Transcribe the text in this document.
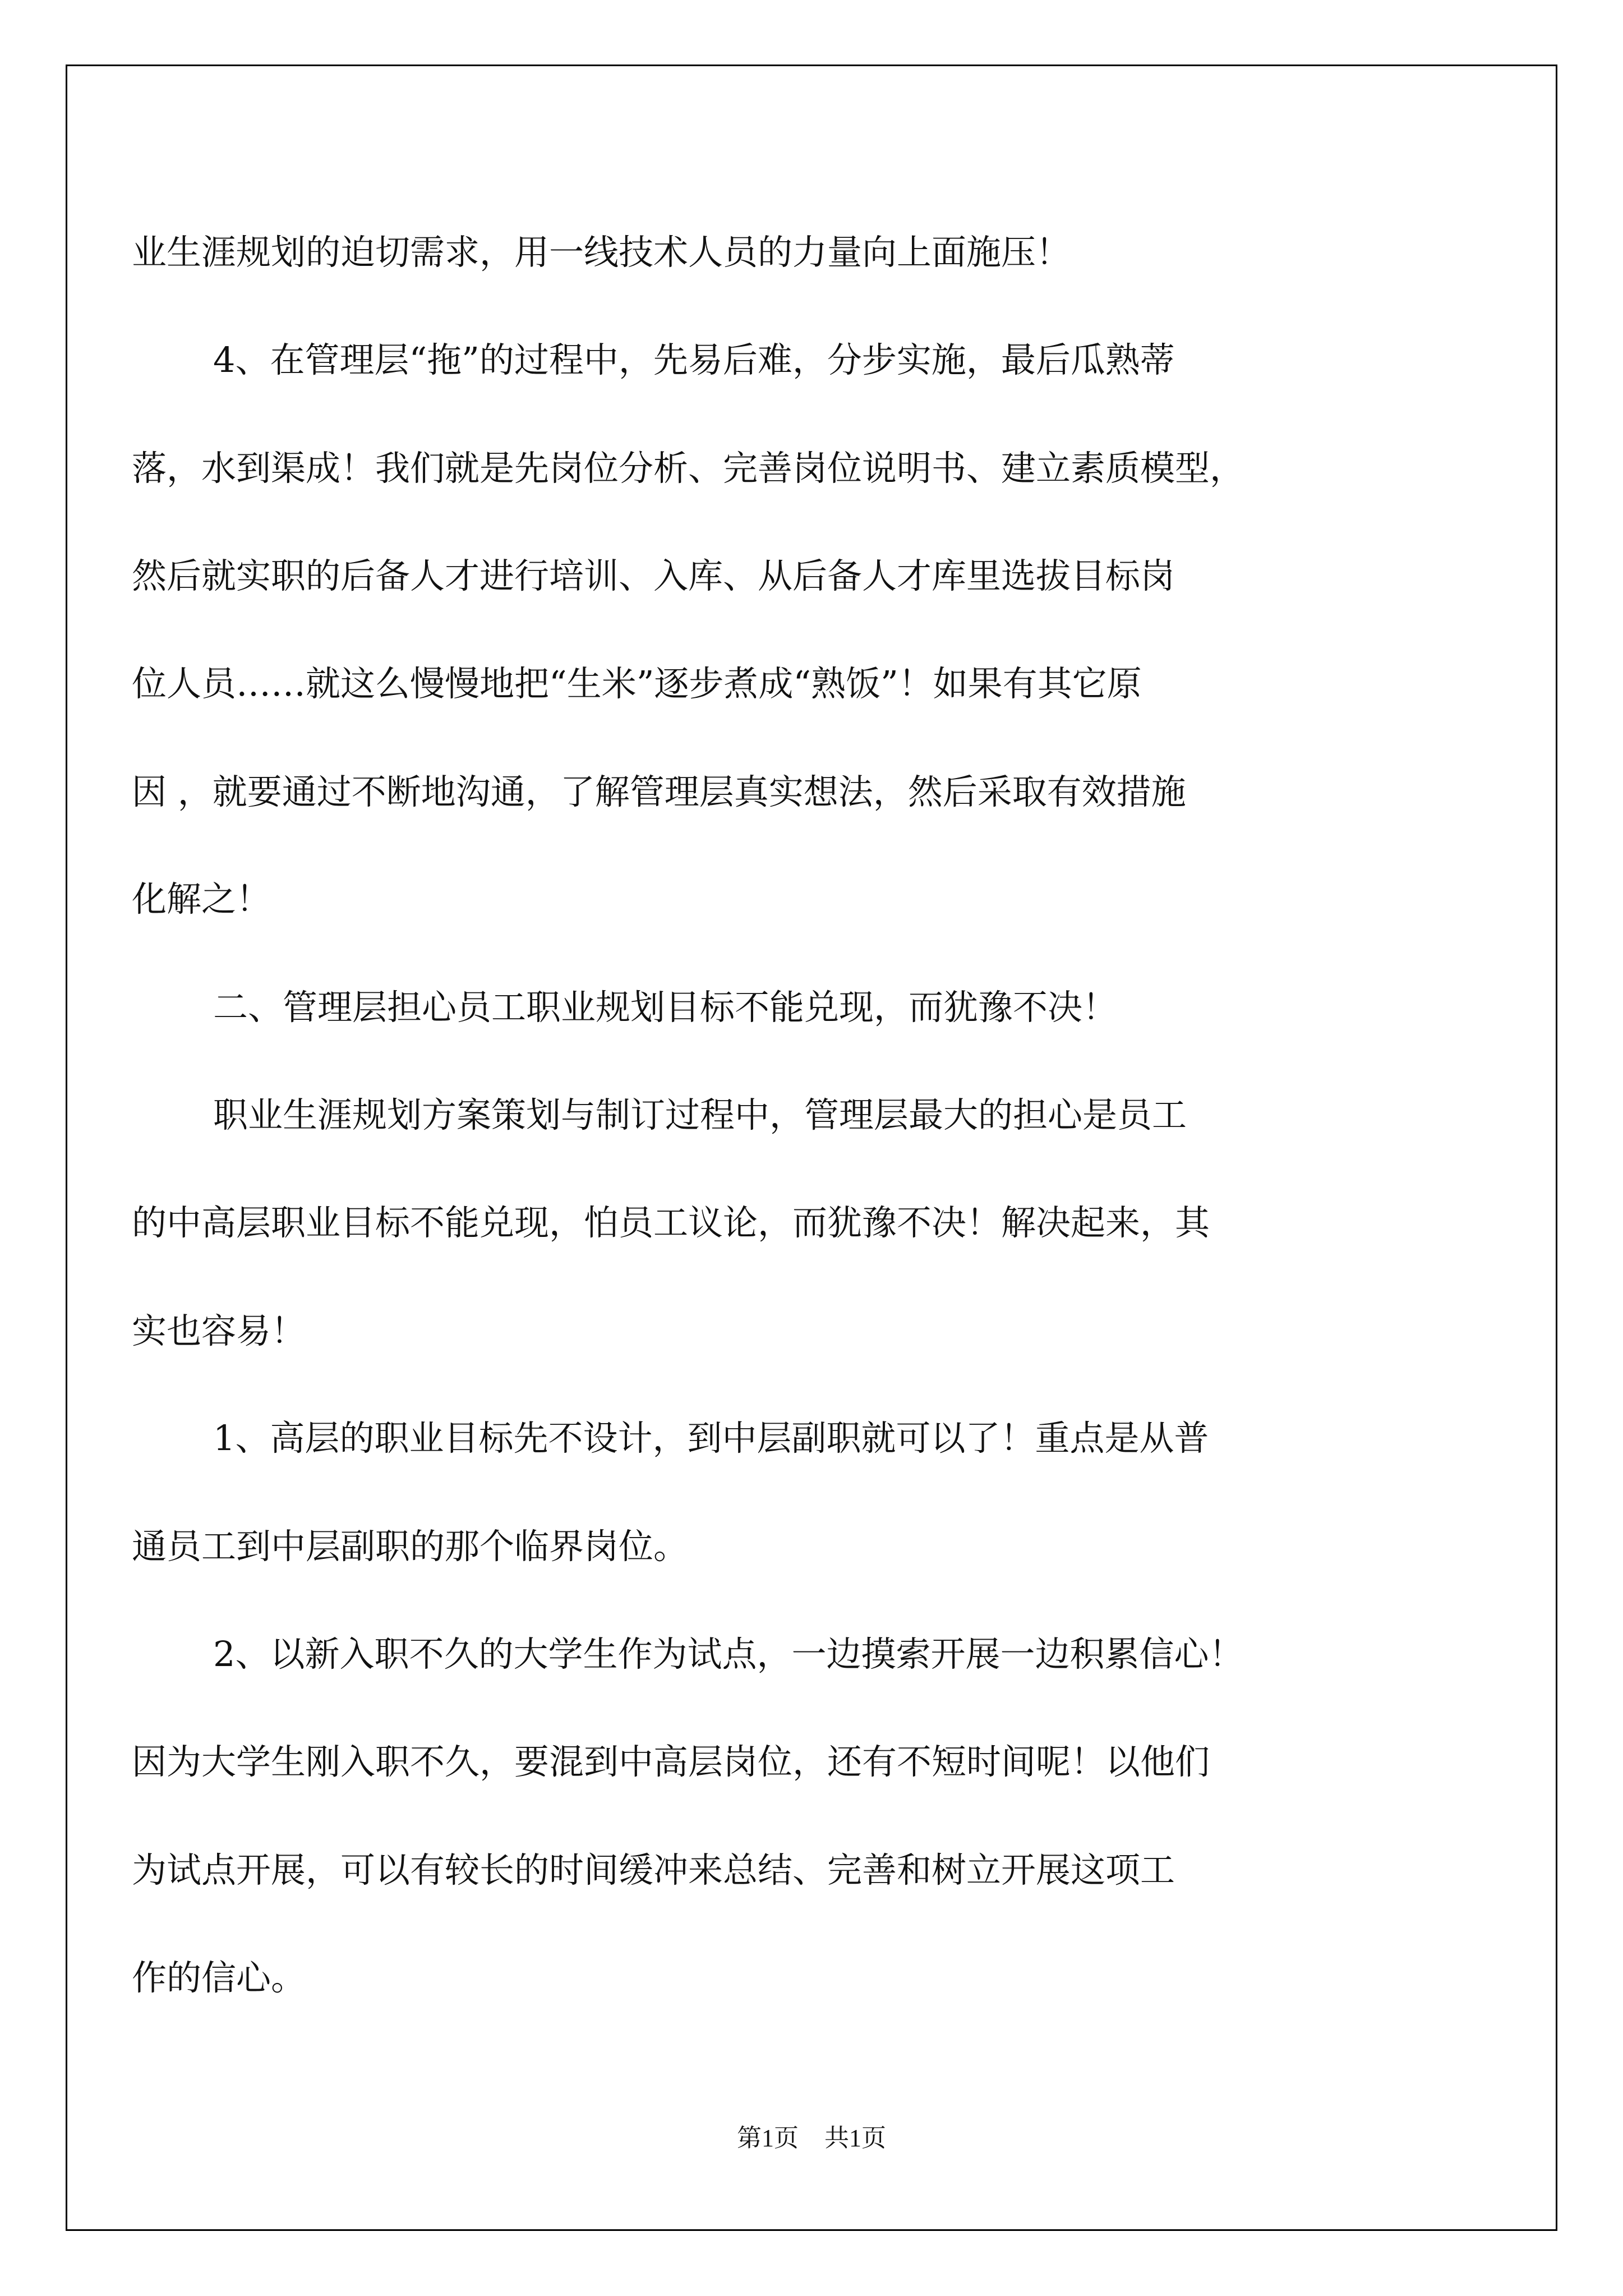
业生涯规划的迫切需求，用一线技术人员的力量向上面施压！
4、在管理层“拖”的过程中，先易后难，分步实施，最后瓜熟蒂
落，水到渠成！我们就是先岗位分析、完善岗位说明书、建立素质模型，
然后就实职的后备人才进行培训、入库、从后备人才库里选拔目标岗
位人员……就这么慢慢地把“生米”逐步煮成“熟饭”！如果有其它原
因 ，就要通过不断地沟通，了解管理层真实想法，然后采取有效措施
化解之！
二、管理层担心员工职业规划目标不能兑现，而犹豫不决！
职业生涯规划方案策划与制订过程中，管理层最大的担心是员工
的中高层职业目标不能兑现，怕员工议论，而犹豫不决！解决起来，其
实也容易！
1、高层的职业目标先不设计，到中层副职就可以了！重点是从普
通员工到中层副职的那个临界岗位。
2、以新入职不久的大学生作为试点，一边摸索开展一边积累信心！
因为大学生刚入职不久，要混到中高层岗位，还有不短时间呢！以他们
为试点开展，可以有较长的时间缓冲来总结、完善和树立开展这项工
作的信心。
第1页 共1页
